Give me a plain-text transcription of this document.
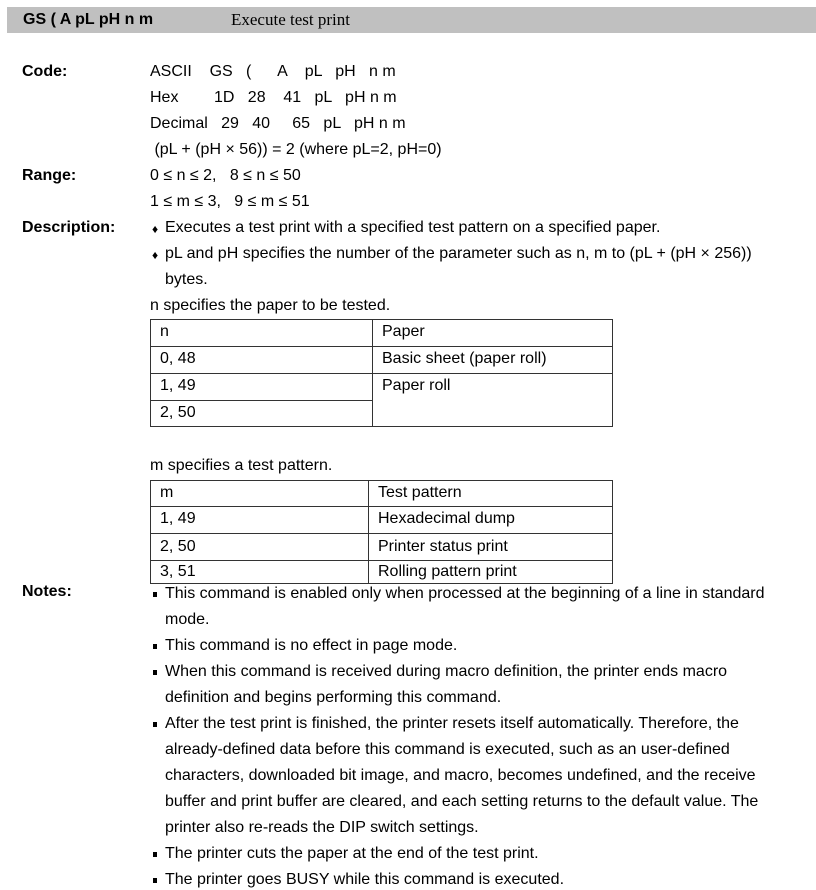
GS ( A pL pH n m	Execute test print
Code:	ASCII    GS   (      A    pL   pH   n m
Hex        1D   28    41   pL   pH n m
Decimal   29   40     65   pL   pH n m
(pL + (pH × 56)) = 2 (where pL=2, pH=0)
Range:	0 ≤ n ≤ 2,   8 ≤ n ≤ 50
1 ≤ m ≤ 3,   9 ≤ m ≤ 51
Description:	♦ Executes a test print with a specified test pattern on a specified paper.
♦ pL and pH specifies the number of the parameter such as n, m to (pL + (pH × 256))
bytes.
n specifies the paper to be tested.
n	Paper
0, 48	Basic sheet (paper roll)
1, 49	Paper roll
2, 50	
m specifies a test pattern.
m	Test pattern
1, 49	Hexadecimal dump
2, 50	Printer status print
3, 51	Rolling pattern print
Notes:	This command is enabled only when processed at the beginning of a line in standard
mode.
This command is no effect in page mode.
When this command is received during macro definition, the printer ends macro
definition and begins performing this command.
After the test print is finished, the printer resets itself automatically. Therefore, the
already-defined data before this command is executed, such as an user-defined
characters, downloaded bit image, and macro, becomes undefined, and the receive
buffer and print buffer are cleared, and each setting returns to the default value. The
printer also re-reads the DIP switch settings.
The printer cuts the paper at the end of the test print.
The printer goes BUSY while this command is executed.
